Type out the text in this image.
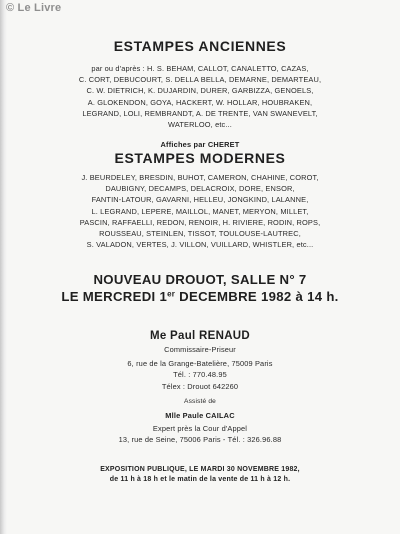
© Le Livre
ESTAMPES ANCIENNES
par ou d'après : H. S. BEHAM, CALLOT, CANALETTO, CAZAS,
C. CORT, DEBUCOURT, S. DELLA BELLA, DEMARNE, DEMARTEAU,
C. W. DIETRICH, K. DUJARDIN, DURER, GARBIZZA, GENOELS,
A. GLOKENDON, GOYA, HACKERT, W. HOLLAR, HOUBRAKEN,
LEGRAND, LOLI, REMBRANDT, A. DE TRENTE, VAN SWANEVELT,
WATERLOO, etc...
Affiches par CHERET
ESTAMPES MODERNES
J. BEURDELEY, BRESDIN, BUHOT, CAMERON, CHAHINE, COROT,
DAUBIGNY, DECAMPS, DELACROIX, DORE, ENSOR,
FANTIN-LATOUR, GAVARNI, HELLEU, JONGKIND, LALANNE,
L. LEGRAND, LEPERE, MAILLOL, MANET, MERYON, MILLET,
PASCIN, RAFFAELLI, REDON, RENOIR, H. RIVIERE, RODIN, ROPS,
ROUSSEAU, STEINLEN, TISSOT, TOULOUSE-LAUTREC,
S. VALADON, VERTES, J. VILLON, VUILLARD, WHISTLER, etc...
NOUVEAU DROUOT, SALLE N° 7
LE MERCREDI 1er DECEMBRE 1982 à 14 h.
Me Paul RENAUD
Commissaire-Priseur
6, rue de la Grange-Batelière, 75009 Paris
Tél. : 770.48.95
Télex : Drouot 642260
Assisté de
Mlle Paule CAILAC
Expert près la Cour d'Appel
13, rue de Seine, 75006 Paris - Tél. : 326.96.88
EXPOSITION PUBLIQUE, LE MARDI 30 NOVEMBRE 1982,
de 11 h à 18 h et le matin de la vente de 11 h à 12 h.
